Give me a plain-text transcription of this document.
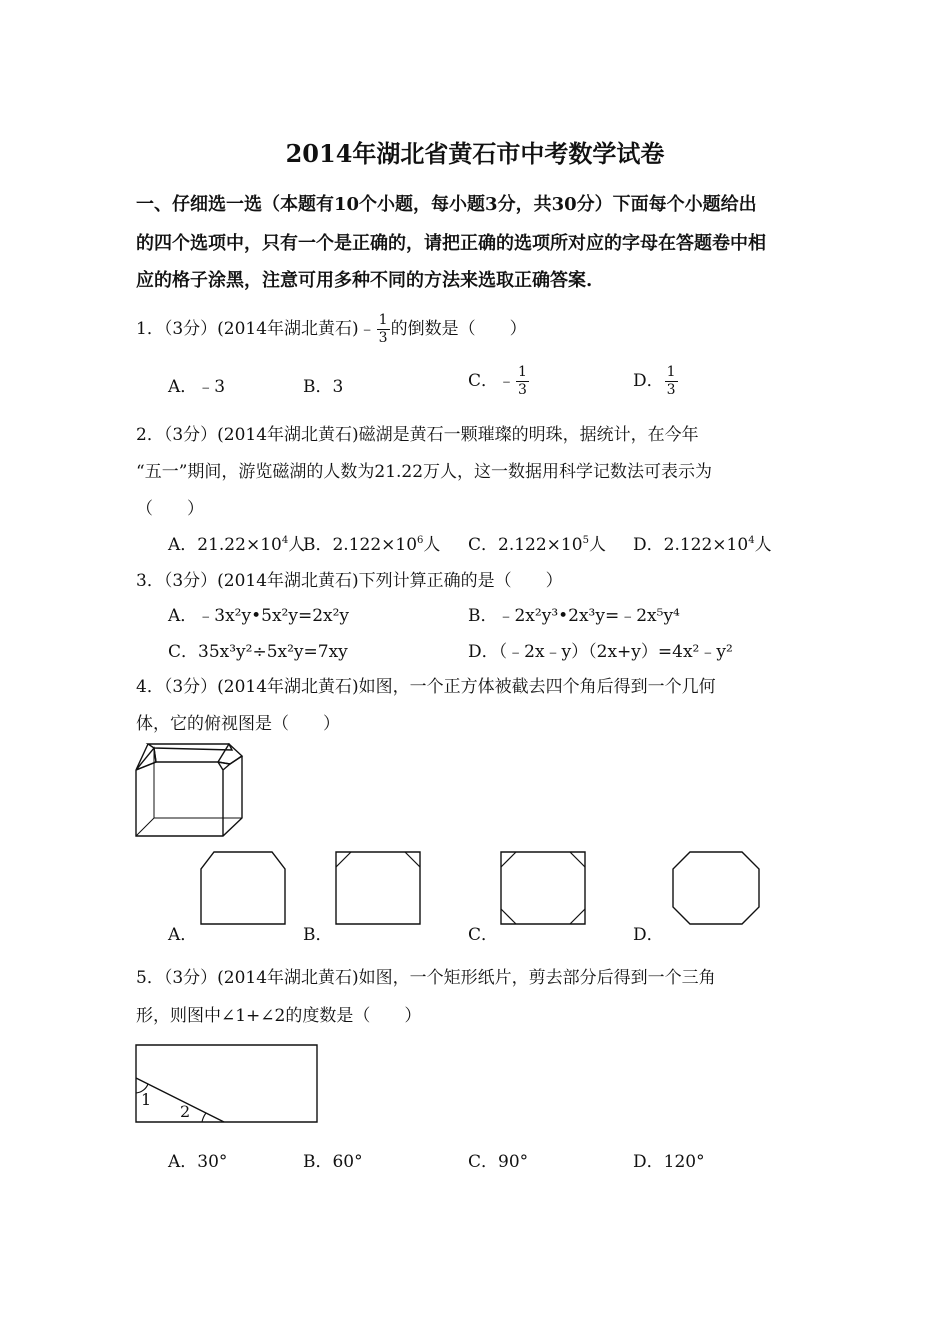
2014年湖北省黄石市中考数学试卷
一、仔细选一选（本题有10个小题，每小题3分，共30分）下面每个小题给出
的四个选项中，只有一个是正确的，请把正确的选项所对应的字母在答题卷中相
应的格子涂黑，注意可用多种不同的方法来选取正确答案.
1．（3分）(2014年湖北黄石)﹣ $\frac{1}{3}$ 的倒数是（　　）
A．﹣3	B．3	C．﹣ $\frac{1}{3}$	D． $\frac{1}{3}$
2．（3分）(2014年湖北黄石)磁湖是黄石一颗璀璨的明珠，据统计，在今年
“五一”期间，游览磁湖的人数为21.22万人，这一数据用科学记数法可表示为
（　　）
A．$21.22\times 10^4$人
B．$2.122\times 10^6$人 C．$2.122\times 10^5$人 D．$2.122\times 10^4$人
3．（3分）(2014年湖北黄石)下列计算正确的是（　　）
A．﹣3x²y•5x²y=2x²y	B．﹣2x²y³•2x³y=﹣2x⁵y⁴
C．35x³y²÷5x²y=7xy	D．（﹣2x﹣y）（2x+y）=4x²﹣y²
4．（3分）(2014年湖北黄石)如图，一个正方体被截去四个角后得到一个几何
体，它的俯视图是（　　）
A．	B．	C．	D．
5．（3分）(2014年湖北黄石)如图，一个矩形纸片，剪去部分后得到一个三角
形，则图中∠1+∠2的度数是（　　）
1
2
A．30°	B．60°	C．90°	D．120°
